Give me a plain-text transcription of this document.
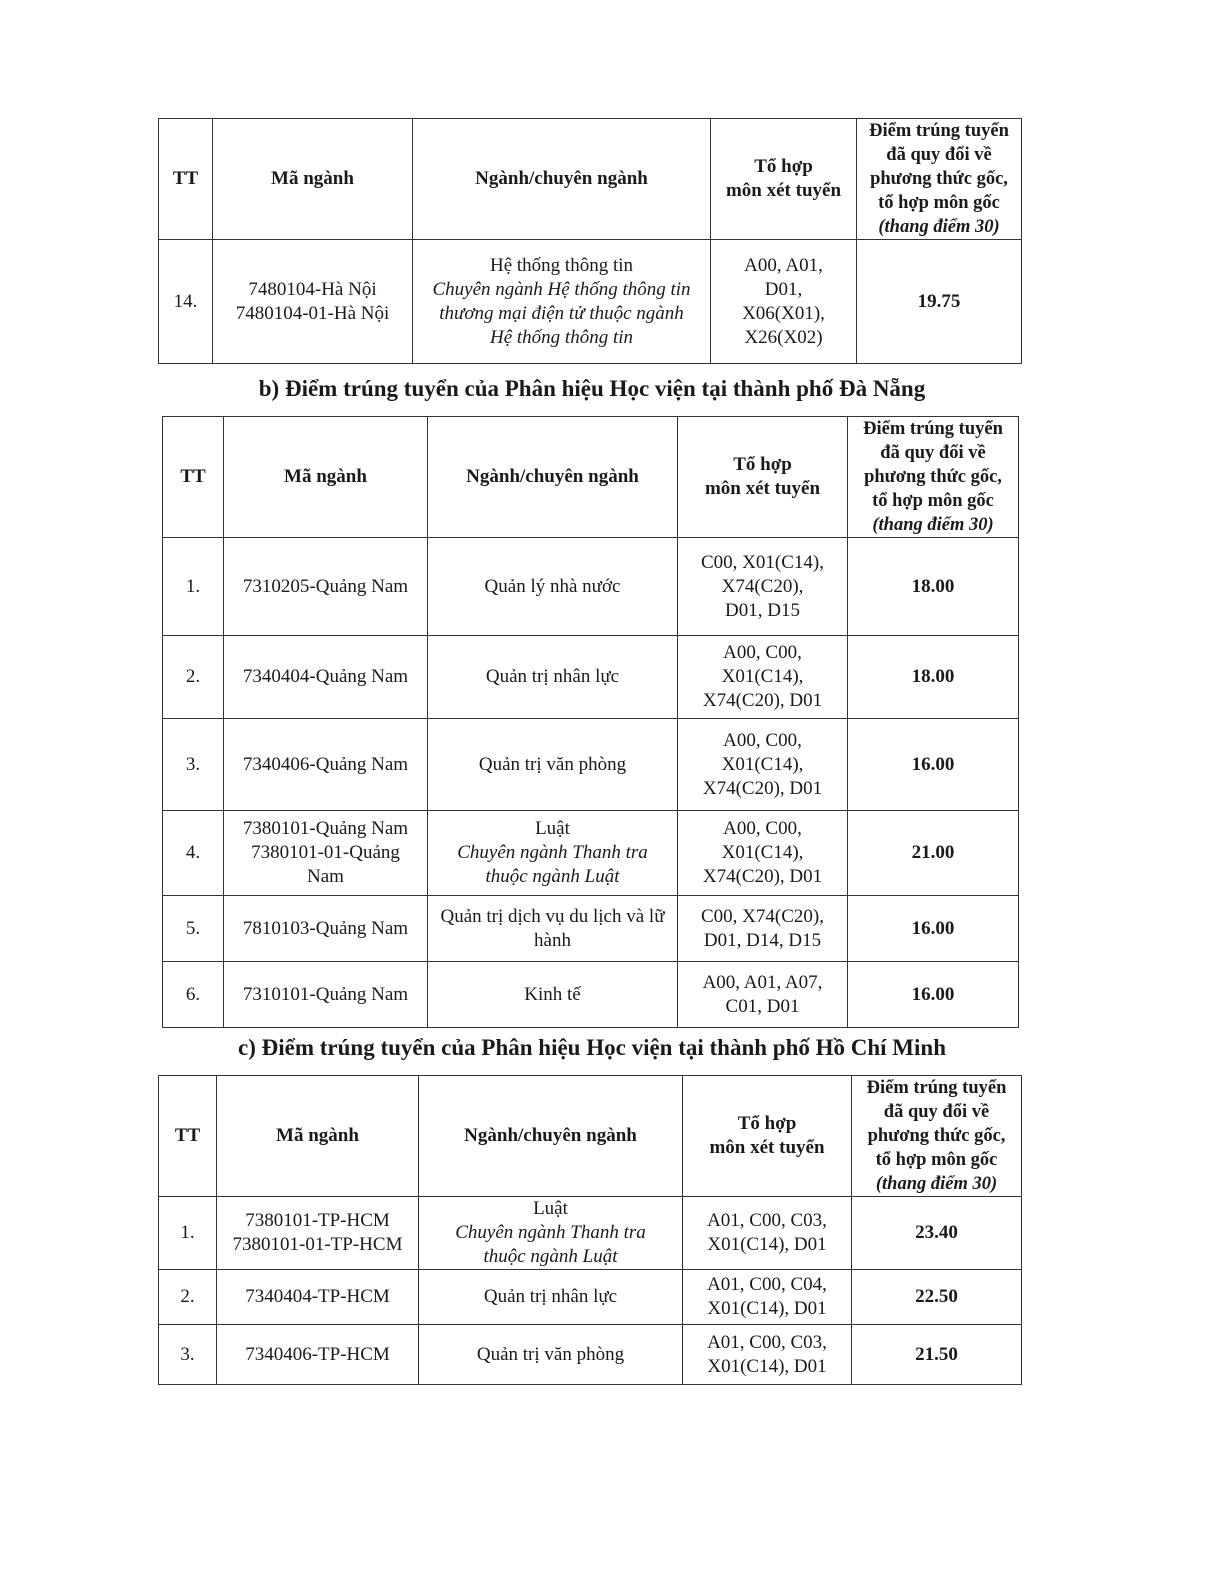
TT	Mã ngành	Ngành/chuyên ngành	Tổ hợp
môn xét tuyển	Điểm trúng tuyển
đã quy đổi về
phương thức gốc,
tổ hợp môn gốc
(thang điểm 30)

14.	7480104-Hà Nội
7480104-01-Hà Nội	Hệ thống thông tin
Chuyên ngành Hệ thống thông tin
thương mại điện tử thuộc ngành
Hệ thống thông tin	A00, A01,
D01,
X06(X01),
X26(X02)	19.75
b) Điểm trúng tuyển của Phân hiệu Học viện tại thành phố Đà Nẵng
TT	Mã ngành	Ngành/chuyên ngành	Tổ hợp
môn xét tuyển	Điểm trúng tuyển
đã quy đổi về
phương thức gốc,
tổ hợp môn gốc
(thang điểm 30)

1.	7310205-Quảng Nam	Quản lý nhà nước	C00, X01(C14),
X74(C20),
D01, D15	18.00
2.	7340404-Quảng Nam	Quản trị nhân lực	A00, C00,
X01(C14),
X74(C20), D01	18.00
3.	7340406-Quảng Nam	Quản trị văn phòng	A00, C00,
X01(C14),
X74(C20), D01	16.00
4.	7380101-Quảng Nam
7380101-01-Quảng
Nam	Luật
Chuyên ngành Thanh tra
thuộc ngành Luật	A00, C00,
X01(C14),
X74(C20), D01	21.00
5.	7810103-Quảng Nam	Quản trị dịch vụ du lịch và lữ hành	C00, X74(C20),
D01, D14, D15	16.00
6.	7310101-Quảng Nam	Kinh tế	A00, A01, A07,
C01, D01	16.00
c) Điểm trúng tuyển của Phân hiệu Học viện tại thành phố Hồ Chí Minh
TT	Mã ngành	Ngành/chuyên ngành	Tổ hợp
môn xét tuyển	Điểm trúng tuyển
đã quy đổi về
phương thức gốc,
tổ hợp môn gốc
(thang điểm 30)

1.	7380101-TP-HCM
7380101-01-TP-HCM	Luật
Chuyên ngành Thanh tra
thuộc ngành Luật	A01, C00, C03,
X01(C14), D01	23.40
2.	7340404-TP-HCM	Quản trị nhân lực	A01, C00, C04,
X01(C14), D01	22.50
3.	7340406-TP-HCM	Quản trị văn phòng	A01, C00, C03,
X01(C14), D01	21.50
